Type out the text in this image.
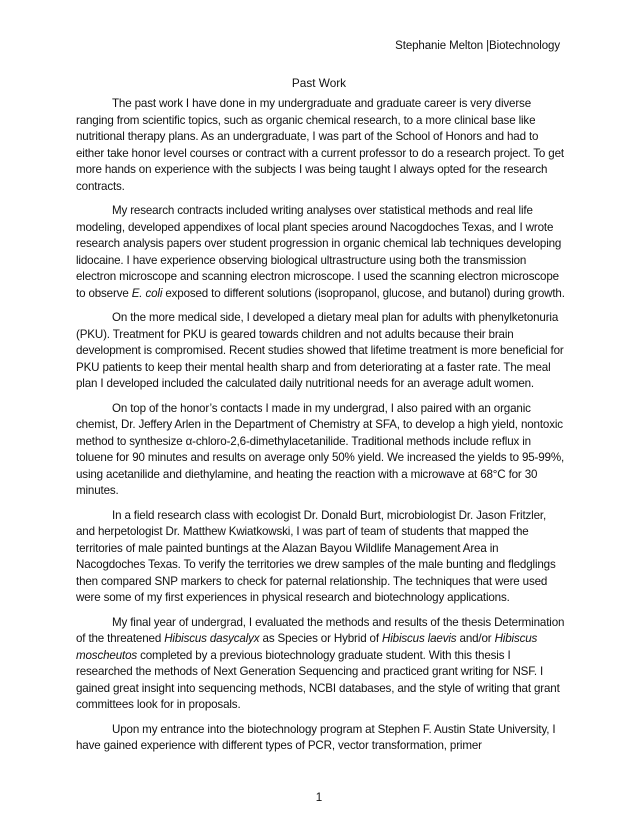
Stephanie Melton |Biotechnology
Past Work

The past work I have done in my undergraduate and graduate career is very diverse ranging from scientific topics, such as organic chemical research, to a more clinical base like nutritional therapy plans. As an undergraduate, I was part of the School of Honors and had to either take honor level courses or contract with a current professor to do a research project. To get more hands on experience with the subjects I was being taught I always opted for the research contracts.

My research contracts included writing analyses over statistical methods and real life modeling, developed appendixes of local plant species around Nacogdoches Texas, and I wrote research analysis papers over student progression in organic chemical lab techniques developing lidocaine. I have experience observing biological ultrastructure using both the transmission electron microscope and scanning electron microscope. I used the scanning electron microscope to observe E. coli exposed to different solutions (isopropanol, glucose, and butanol) during growth.

On the more medical side, I developed a dietary meal plan for adults with phenylketonuria (PKU). Treatment for PKU is geared towards children and not adults because their brain development is compromised. Recent studies showed that lifetime treatment is more beneficial for PKU patients to keep their mental health sharp and from deteriorating at a faster rate. The meal plan I developed included the calculated daily nutritional needs for an average adult women.

On top of the honor’s contacts I made in my undergrad, I also paired with an organic chemist, Dr. Jeffery Arlen in the Department of Chemistry at SFA, to develop a high yield, nontoxic method to synthesize α-chloro-2,6-dimethylacetanilide. Traditional methods include reflux in toluene for 90 minutes and results on average only 50% yield. We increased the yields to 95-99%, using acetanilide and diethylamine, and heating the reaction with a microwave at 68°C for 30 minutes.

In a field research class with ecologist Dr. Donald Burt, microbiologist Dr. Jason Fritzler, and herpetologist Dr. Matthew Kwiatkowski, I was part of team of students that mapped the territories of male painted buntings at the Alazan Bayou Wildlife Management Area in Nacogdoches Texas. To verify the territories we drew samples of the male bunting and fledglings then compared SNP markers to check for paternal relationship. The techniques that were used were some of my first experiences in physical research and biotechnology applications.

My final year of undergrad, I evaluated the methods and results of the thesis Determination of the threatened Hibiscus dasycalyx as Species or Hybrid of Hibiscus laevis and/or Hibiscus moscheutos completed by a previous biotechnology graduate student. With this thesis I researched the methods of Next Generation Sequencing and practiced grant writing for NSF. I gained great insight into sequencing methods, NCBI databases, and the style of writing that grant committees look for in proposals.

Upon my entrance into the biotechnology program at Stephen F. Austin State University, I have gained experience with different types of PCR, vector transformation, primer

1
